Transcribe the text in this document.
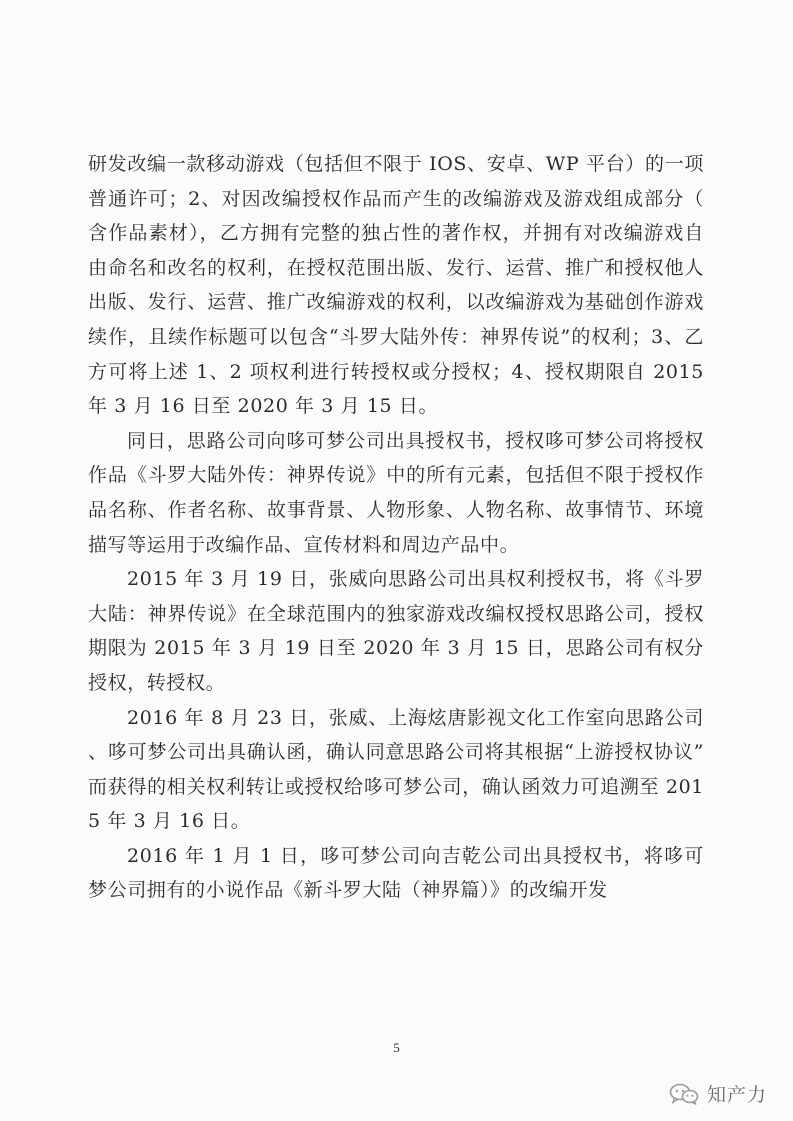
研发改编一款移动游戏（包括但不限于 IOS、安卓、WP 平台）的一项普通许可；2、对因改编授权作品而产生的改编游戏及游戏组成部分（含作品素材），乙方拥有完整的独占性的著作权，并拥有对改编游戏自由命名和改名的权利，在授权范围出版、发行、运营、推广和授权他人出版、发行、运营、推广改编游戏的权利，以改编游戏为基础创作游戏续作，且续作标题可以包含“斗罗大陆外传：神界传说”的权利；3、乙方可将上述 1、2 项权利进行转授权或分授权；4、授权期限自 2015 年 3 月 16 日至 2020 年 3 月 15 日。

同日，思路公司向哆可梦公司出具授权书，授权哆可梦公司将授权作品《斗罗大陆外传：神界传说》中的所有元素，包括但不限于授权作品名称、作者名称、故事背景、人物形象、人物名称、故事情节、环境描写等运用于改编作品、宣传材料和周边产品中。

2015 年 3 月 19 日，张威向思路公司出具权利授权书，将《斗罗大陆：神界传说》在全球范围内的独家游戏改编权授权思路公司，授权期限为 2015 年 3 月 19 日至 2020 年 3 月 15 日，思路公司有权分授权，转授权。

2016 年 8 月 23 日，张威、上海炫唐影视文化工作室向思路公司、哆可梦公司出具确认函，确认同意思路公司将其根据“上游授权协议”而获得的相关权利转让或授权给哆可梦公司，确认函效力可追溯至 2015 年 3 月 16 日。

2016 年 1 月 1 日，哆可梦公司向吉乾公司出具授权书，将哆可梦公司拥有的小说作品《新斗罗大陆（神界篇）》的改编开发

5
知产力
